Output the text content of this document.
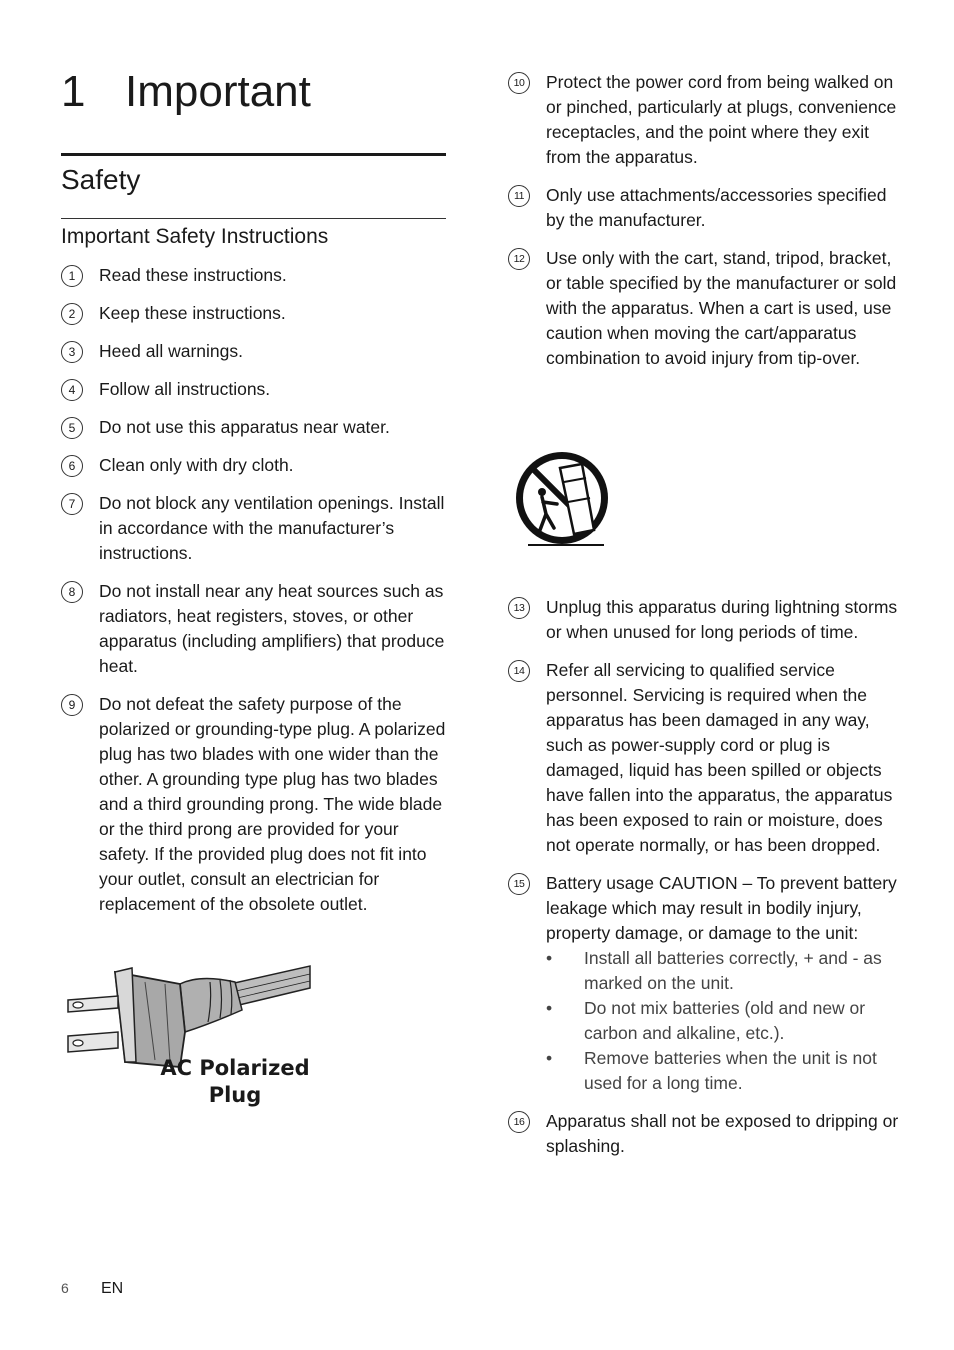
1 Important
Safety
Important Safety Instructions
1	Read these instructions.
2	Keep these instructions.
3	Heed all warnings.
4	Follow all instructions.
5	Do not use this apparatus near water.
6	Clean only with dry cloth.
7	Do not block any ventilation openings. Install in accordance with the manufacturer’s instructions.
8	Do not install near any heat sources such as radiators, heat registers, stoves, or other apparatus (including amplifiers) that produce heat.
9	Do not defeat the safety purpose of the polarized or grounding-type plug. A polarized plug has two blades with one wider than the other. A grounding type plug has two blades and a third grounding prong. The wide blade or the third prong are provided for your safety. If the provided plug does not fit into your outlet, consult an electrician for replacement of the obsolete outlet.
AC Polarized Plug
10	Protect the power cord from being walked on or pinched, particularly at plugs, convenience receptacles, and the point where they exit from the apparatus.
11	Only use attachments/accessories specified by the manufacturer.
12	Use only with the cart, stand, tripod, bracket, or table specified by the manufacturer or sold with the apparatus. When a cart is used, use caution when moving the cart/apparatus combination to avoid injury from tip-over.
13	Unplug this apparatus during lightning storms or when unused for long periods of time.
14	Refer all servicing to qualified service personnel. Servicing is required when the apparatus has been damaged in any way, such as power-supply cord or plug is damaged, liquid has been spilled or objects have fallen into the apparatus, the apparatus has been exposed to rain or moisture, does not operate normally, or has been dropped.
15	Battery usage CAUTION – To prevent battery leakage which may result in bodily injury, property damage, or damage to the unit:
• Install all batteries correctly, + and - as marked on the unit.
• Do not mix batteries (old and new or carbon and alkaline, etc.).
• Remove batteries when the unit is not used for a long time.
16	Apparatus shall not be exposed to dripping or splashing.
6 EN
